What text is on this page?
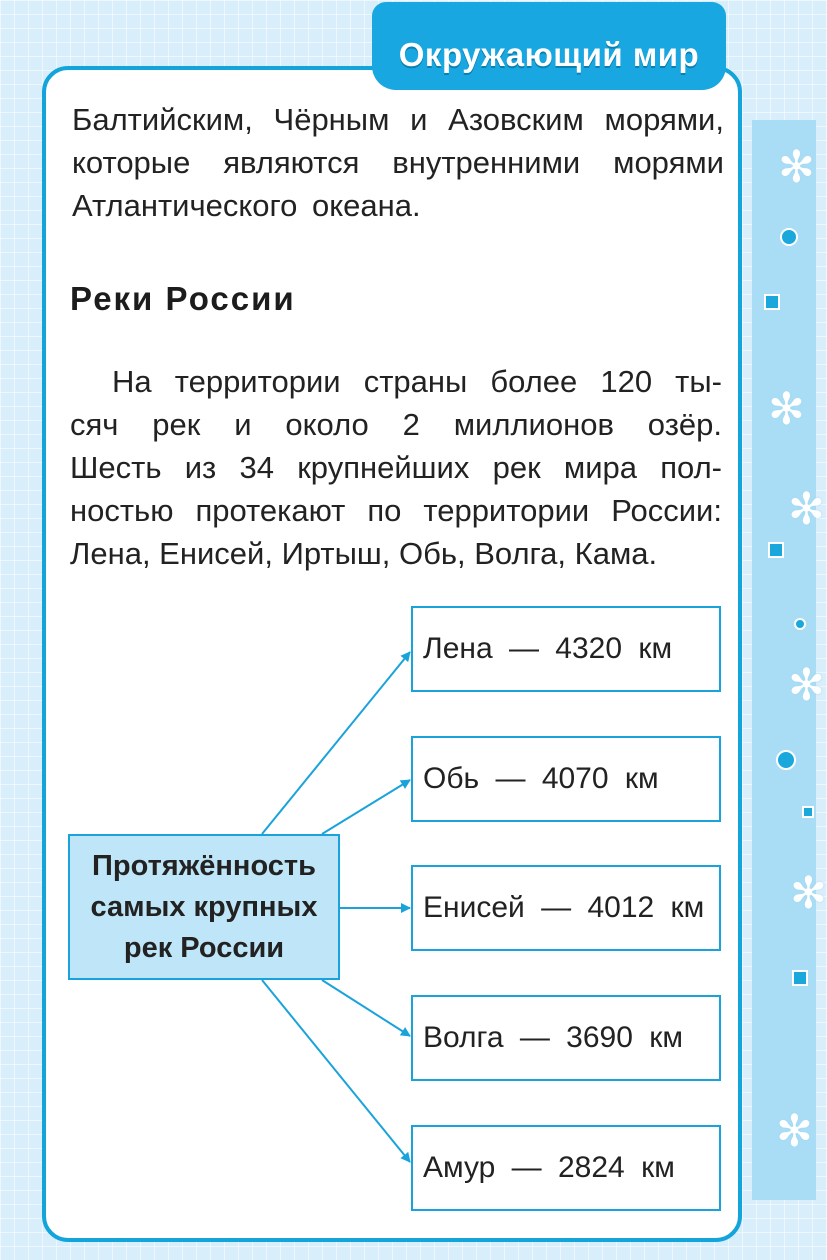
✻
✻
✻
✻
✻
✻
Окружающий мир
Балтийским, Чёрным и Азовским морями,
которые являются внутренними морями
Атлантического океана.
Реки России
На территории страны более 120 ты-
сяч рек и около 2 миллионов озёр.
Шесть из 34 крупнейших рек мира пол-
ностью протекают по территории России:
Лена, Енисей, Иртыш, Обь, Волга, Кама.
Протяжённость
самых крупных
рек России
Лена — 4320 км
Обь — 4070 км
Енисей — 4012 км
Волга — 3690 км
Амур — 2824 км
